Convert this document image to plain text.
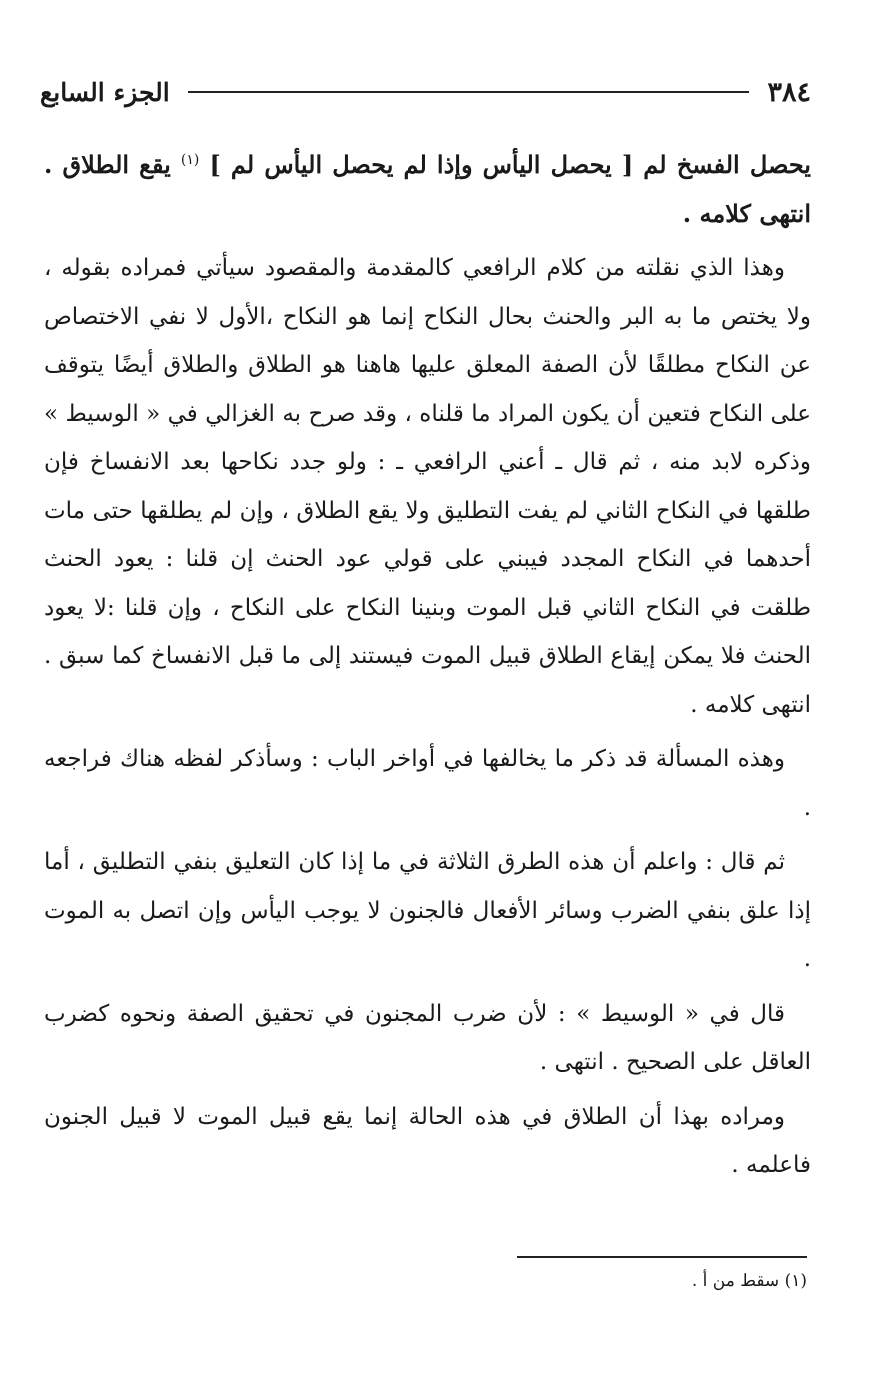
٣٨٤
الجزء السابع

يحصل الفسخ لم [ يحصل اليأس وإذا لم يحصل اليأس لم ] $^{(١)}$ يقع الطلاق . انتهى كلامه .

وهذا الذي نقلته من كلام الرافعي كالمقدمة والمقصود سيأتي فمراده بقوله ، ولا يختص ما به البر والحنث بحال النكاح إنما هو النكاح ،الأول لا نفي الاختصاص عن النكاح مطلقًا لأن الصفة المعلق عليها هاهنا هو الطلاق والطلاق أيضًا يتوقف على النكاح فتعين أن يكون المراد ما قلناه ، وقد صرح به الغزالي في « الوسيط » وذكره لابد منه ، ثم قال ـ أعني الرافعي ـ : ولو جدد نكاحها بعد الانفساخ فإن طلقها في النكاح الثاني لم يفت التطليق ولا يقع الطلاق ، وإن لم يطلقها حتى مات أحدهما في النكاح المجدد فيبني على قولي عود الحنث إن قلنا : يعود الحنث طلقت في النكاح الثاني قبل الموت وبنينا النكاح على النكاح ، وإن قلنا :لا يعود الحنث فلا يمكن إيقاع الطلاق قبيل الموت فيستند إلى ما قبل الانفساخ كما سبق . انتهى كلامه .

وهذه المسألة قد ذكر ما يخالفها في أواخر الباب : وسأذكر لفظه هناك فراجعه .

ثم قال : واعلم أن هذه الطرق الثلاثة في ما إذا كان التعليق بنفي التطليق ، أما إذا علق بنفي الضرب وسائر الأفعال فالجنون لا يوجب اليأس وإن اتصل به الموت .

قال في « الوسيط » : لأن ضرب المجنون في تحقيق الصفة ونحوه كضرب العاقل على الصحيح . انتهى .

ومراده بهذا أن الطلاق في هذه الحالة إنما يقع قبيل الموت لا قبيل الجنون فاعلمه .

(١) سقط من أ .
